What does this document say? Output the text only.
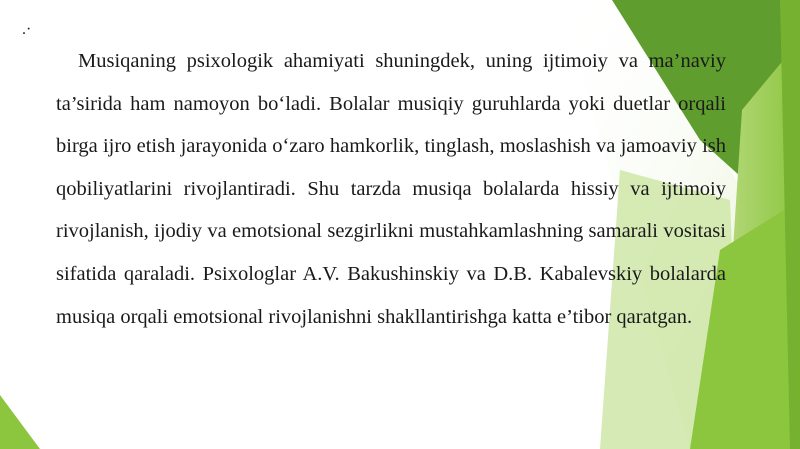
.·

Musiqaning psixologik ahamiyati shuningdek, uning ijtimoiy va ma’naviy ta’sirida ham namoyon bo‘ladi. Bolalar musiqiy guruhlarda yoki duetlar orqali birga ijro etish jarayonida o‘zaro hamkorlik, tinglash, moslashish va jamoaviy ish qobiliyatlarini rivojlantiradi. Shu tarzda musiqa bolalarda hissiy va ijtimoiy rivojlanish, ijodiy va emotsional sezgirlikni mustahkamlashning samarali vositasi sifatida qaraladi. Psixologlar A.V. Bakushinskiy va D.B. Kabalevskiy bolalarda musiqa orqali emotsional rivojlanishni shakllantirishga katta e’tibor qaratgan.
